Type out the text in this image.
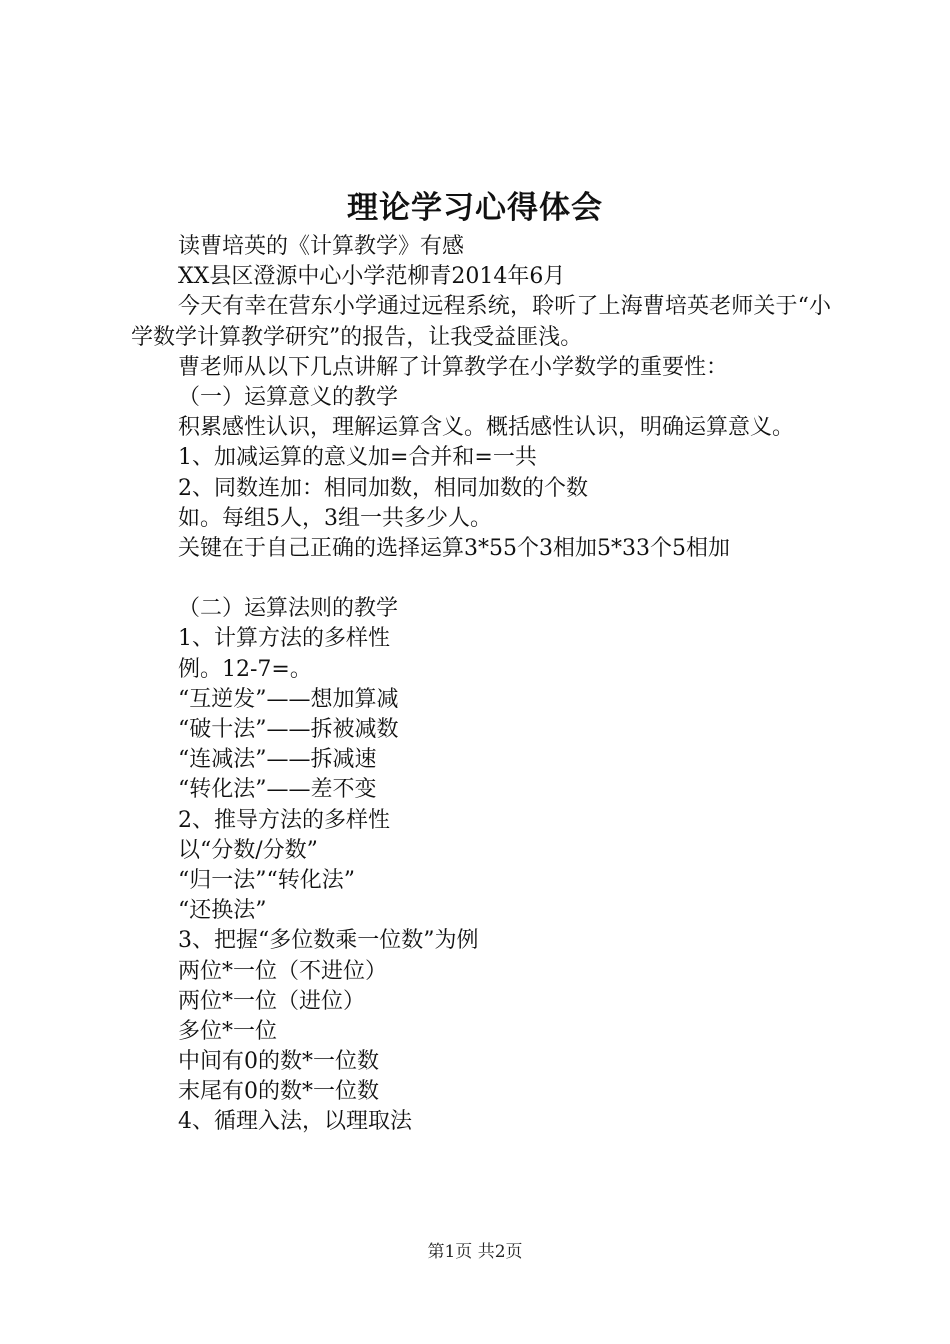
理论学习心得体会
读曹培英的《计算教学》有感
XX县区澄源中心小学范柳青2014年6月
今天有幸在营东小学通过远程系统，聆听了上海曹培英老师关于“小学数学计算教学研究”的报告，让我受益匪浅。
曹老师从以下几点讲解了计算教学在小学数学的重要性：
（一）运算意义的教学
积累感性认识，理解运算含义。概括感性认识，明确运算意义。
1、加减运算的意义加=合并和=一共
2、同数连加：相同加数，相同加数的个数
如。每组5人，3组一共多少人。
关键在于自己正确的选择运算3*55个3相加5*33个5相加
（二）运算法则的教学
1、计算方法的多样性
例。12-7=。
“互逆发”——想加算减
“破十法”——拆被减数
“连减法”——拆减速
“转化法”——差不变
2、推导方法的多样性
以“分数/分数”
“归一法”“转化法”
“还换法”
3、把握“多位数乘一位数”为例
两位*一位（不进位）
两位*一位（进位）
多位*一位
中间有0的数*一位数
末尾有0的数*一位数
4、循理入法，以理取法
第1页 共2页
